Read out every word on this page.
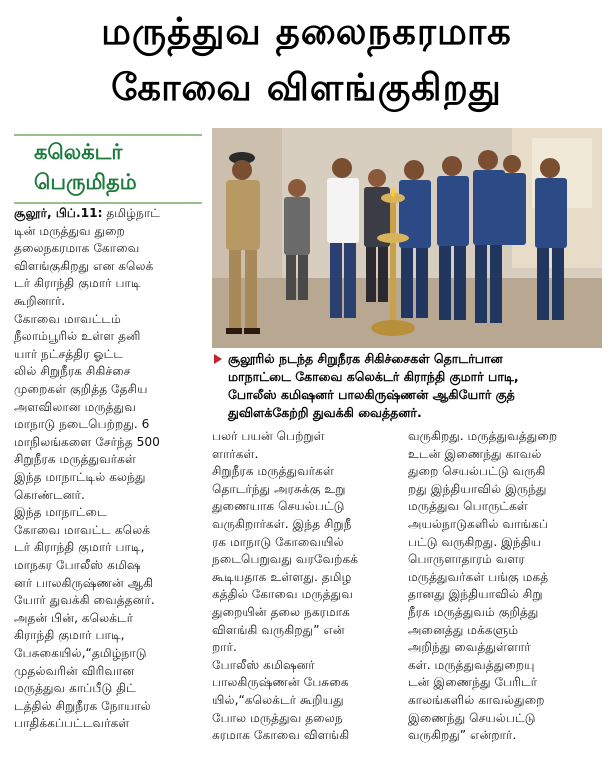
மருத்துவ தலைநகரமாக
கோவை விளங்குகிறது
கலெக்டர்
பெருமிதம்
சூலூரில் நடந்த சிறுநீரக சிகிச்சைகள் தொடர்பான
மாநாட்டை கோவை கலெக்டர் கிராந்தி குமார் பாடி,
போலீஸ் கமிஷனர் பாலகிருஷ்ணன் ஆகியோர் குத்
துவிளக்கேற்றி துவக்கி வைத்தனர்.
சூலூர், பிப்.11: தமிழ்நாட்
டின் மருத்துவ துறை
தலைநகரமாக கோவை
விளங்குகிறது என கலெக்
டர் கிராந்தி குமார் பாடி
கூறினார்.
கோவை மாவட்டம்
நீலாம்பூரில் உள்ள தனி
யார் நட்சத்திர ஓட்ட
லில் சிறுநீரக சிகிச்சை
முறைகள் குறித்த தேசிய
அளவிலான மருத்துவ
மாநாடு நடைபெற்றது. 6
மாநிலங்களை சேர்ந்த 500
சிறுநீரக மருத்துவர்கள்
இந்த மாநாட்டில் கலந்து
கொண்டனர்.
இந்த மாநாட்டை
கோவை மாவட்ட கலெக்
டர் கிராந்தி குமார் பாடி,
மாநகர போலீஸ் கமிஷ
னர் பாலகிருஷ்ணன் ஆகி
யோர் துவக்கி வைத்தனர்.
அதன் பின், கலெக்டர்
கிராந்தி குமார் பாடி,
பேசுகையில்,“தமிழ்நாடு
முதல்வரின் விரிவான
மருத்துவ காப்பீடு திட்
டத்தில் சிறுநீரக நோயால்
பாதிக்கப்பட்டவர்கள்
பலர் பயன் பெற்றுள்
ளார்கள்.
சிறுநீரக மருத்துவர்கள்
தொடர்ந்து அரசுக்கு உறு
துணையாக செயல்பட்டு
வருகிறார்கள். இந்த சிறுநீ
ரக மாநாடு கோவையில்
நடைபெறுவது வரவேற்கக்
கூடியதாக உள்ளது. தமிழ
கத்தில் கோவை மருத்துவ
துறையின் தலை நகரமாக
விளங்கி வருகிறது” என்
றார்.
போலீஸ் கமிஷனர்
பாலகிருஷ்ணன் பேசுகை
யில்,“கலெக்டர் கூறியது
போல மருத்துவ தலைந
கரமாக கோவை விளங்கி
வருகிறது. மருத்துவத்துறை
உடன் இணைந்து காவல்
துறை செயல்பட்டு வருகி
றது இந்தியாவில் இருந்து
மருத்துவ பொருட்கள்
அயல்நாடுகளில் வாங்கப்
பட்டு வருகிறது. இந்திய
பொருளாதாரம் வளர
மருத்துவர்கள் பங்கு மகத்
தானது இந்தியாவில் சிறு
நீரக மருத்துவம் குறித்து
அனைத்து மக்களும்
அறிந்து வைத்துள்ளார்
கள். மருத்துவத்துறையு
டன் இணைந்து பேரிடர்
காலங்களில் காவல்துறை
இணைந்து செயல்பட்டு
வருகிறது” என்றார்.
